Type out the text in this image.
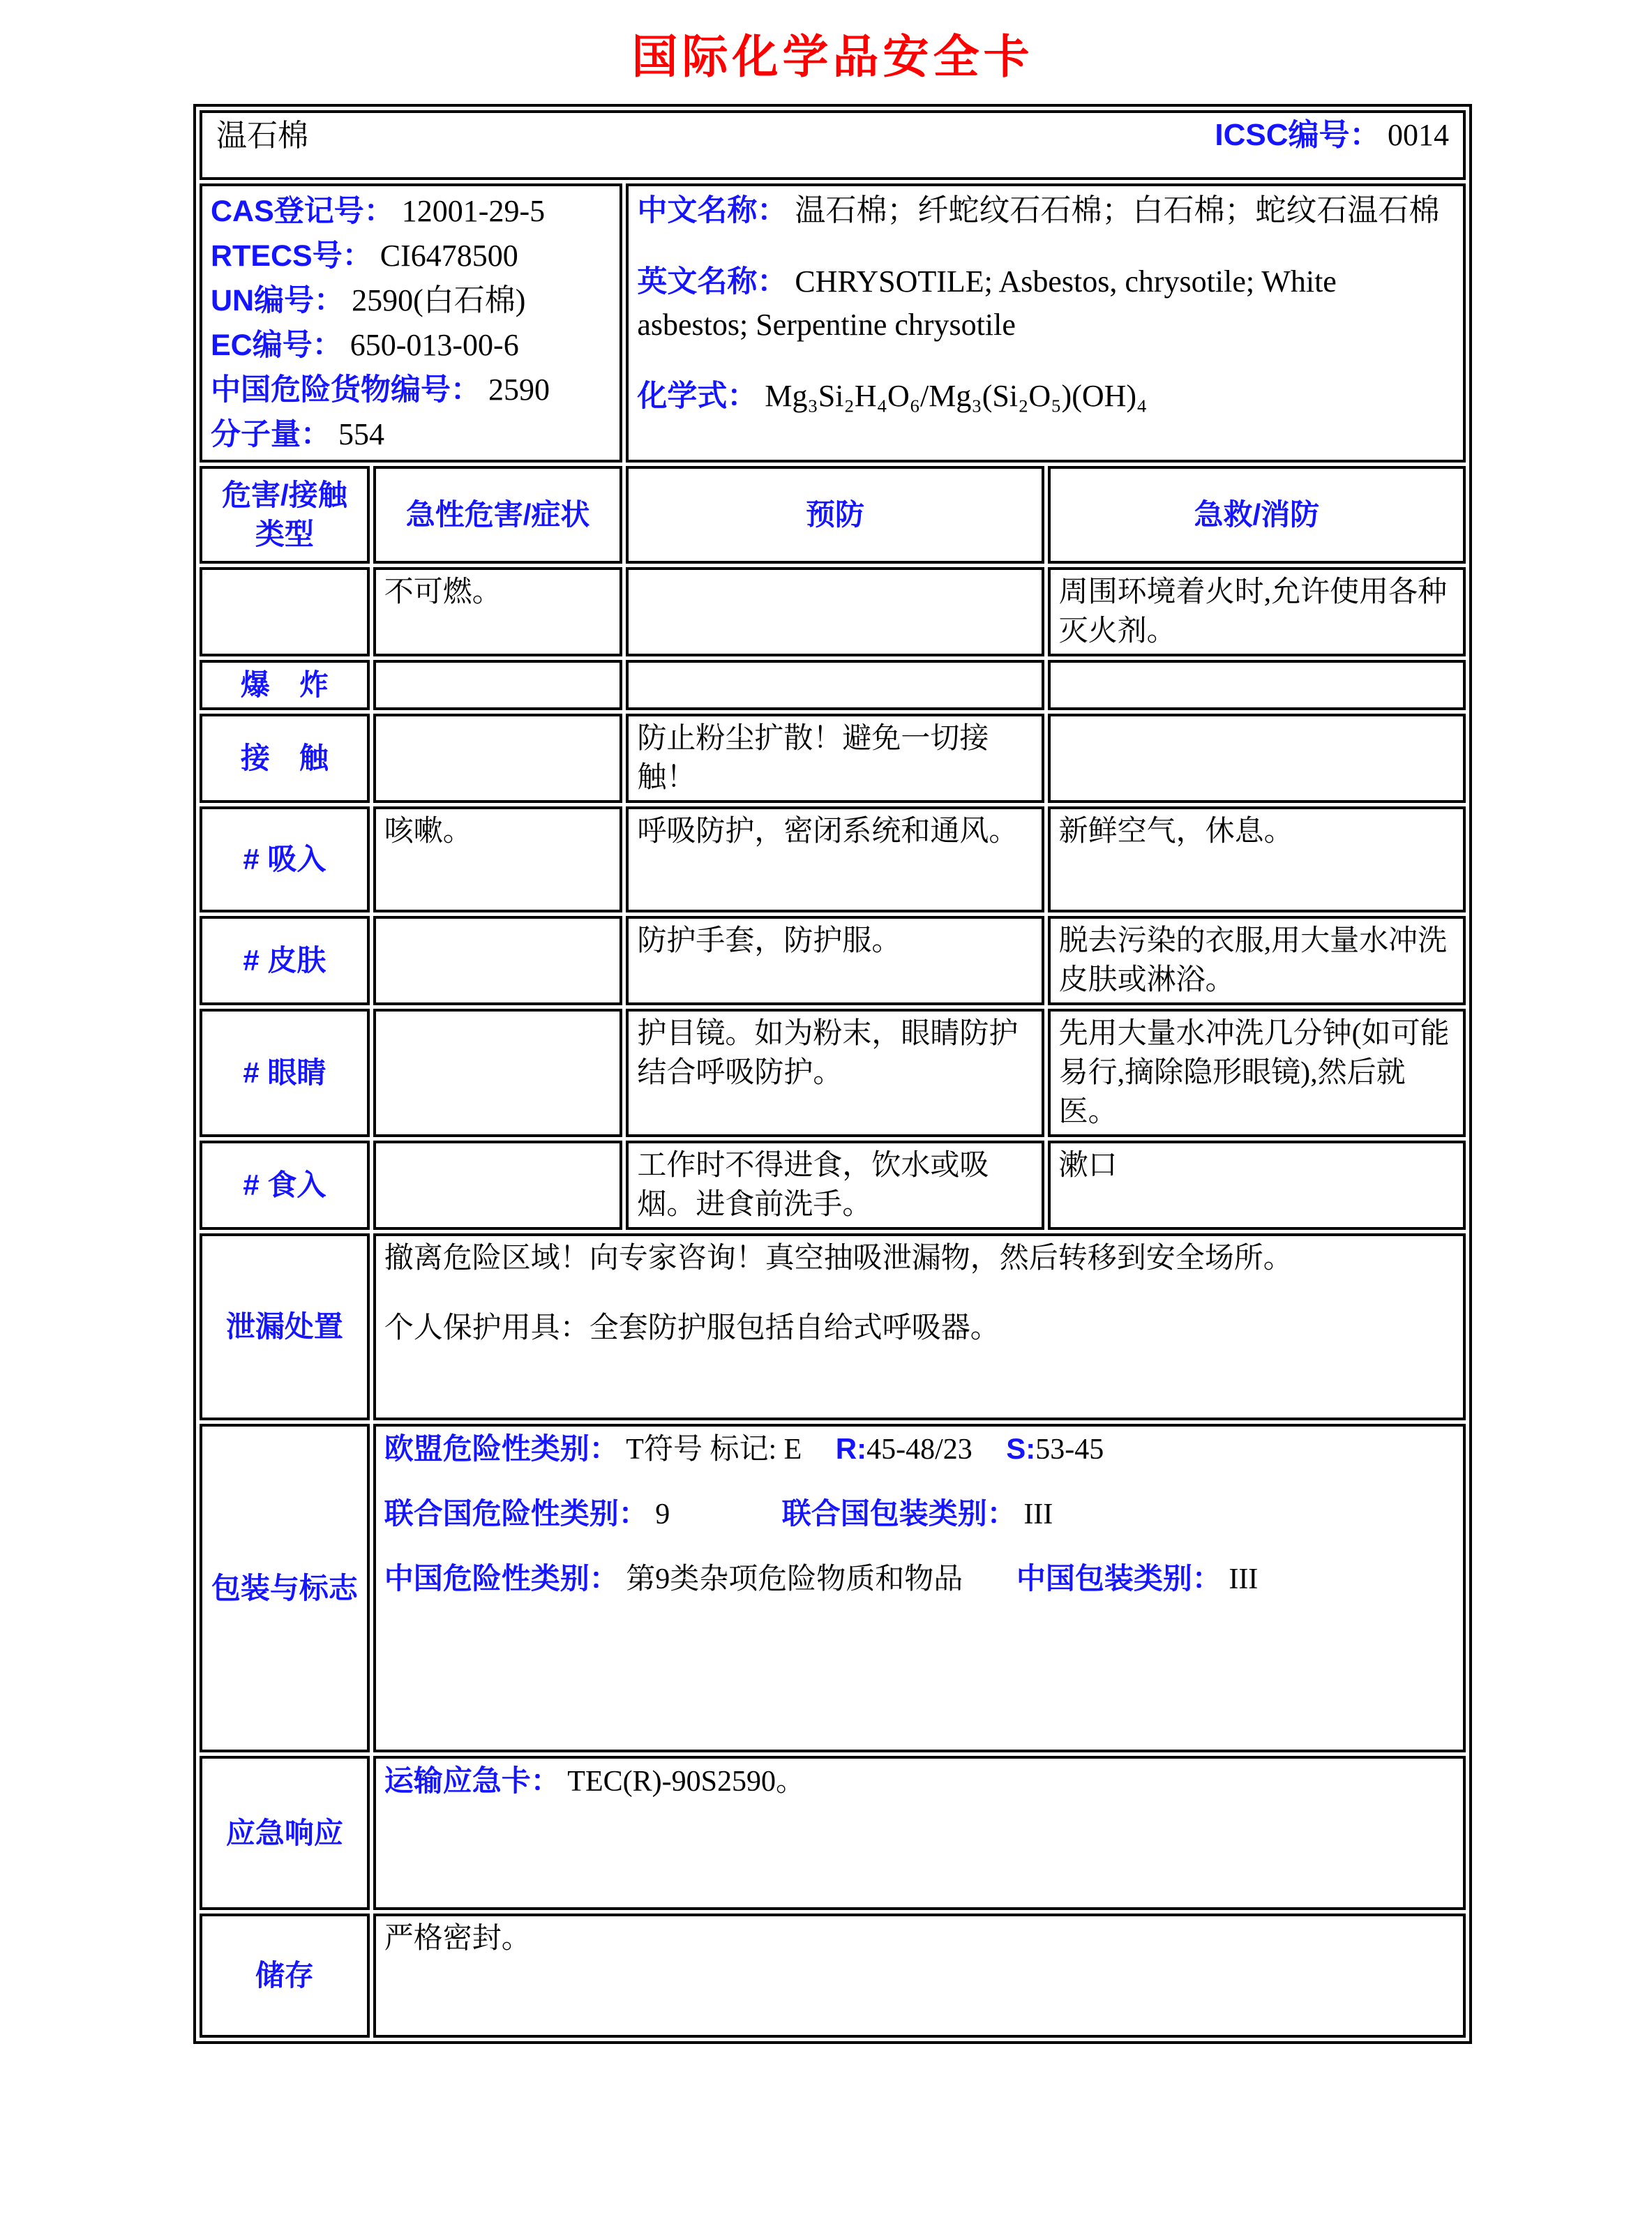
国际化学品安全卡
温石棉 ICSC编号： 0014			

CAS登记号： 12001-29-5
RTECS号： CI6478500
UN编号： 2590(白石棉)
EC编号： 650-013-00-6
中国危险货物编号： 2590
分子量： 554

中文名称： 温石棉；纤蛇纹石石棉；白石棉；蛇纹石温石棉
英文名称： CHRYSOTILE; Asbestos, chrysotile; White asbestos; Serpentine chrysotile
化学式： Mg₃Si₂H₄O₆/Mg₃(Si₂O₅)(OH)₄

危害/接触类型	急性危害/症状	预防	急救/消防
	不可燃。		周围环境着火时,允许使用各种灭火剂。
爆　炸			
接　触		防止粉尘扩散！避免一切接触！	
# 吸入	咳嗽。	呼吸防护，密闭系统和通风。	新鲜空气，休息。
# 皮肤		防护手套，防护服。	脱去污染的衣服,用大量水冲洗皮肤或淋浴。
# 眼睛		护目镜。如为粉末，眼睛防护结合呼吸防护。	先用大量水冲洗几分钟(如可能易行,摘除隐形眼镜),然后就医。
# 食入		工作时不得进食，饮水或吸烟。进食前洗手。	漱口
泄漏处置	撤离危险区域！向专家咨询！真空抽吸泄漏物，然后转移到安全场所。
个人保护用具：全套防护服包括自给式呼吸器。		

包装与标志	欧盟危险性类别： T符号 标记: E R:45-48/23 S:53-45
联合国危险性类别： 9 联合国包装类别： III
中国危险性类别： 第9类杂项危险物质和物品 中国包装类别： III		

应急响应	运输应急卡： TEC(R)-90S2590。		
储存	严格密封。		
